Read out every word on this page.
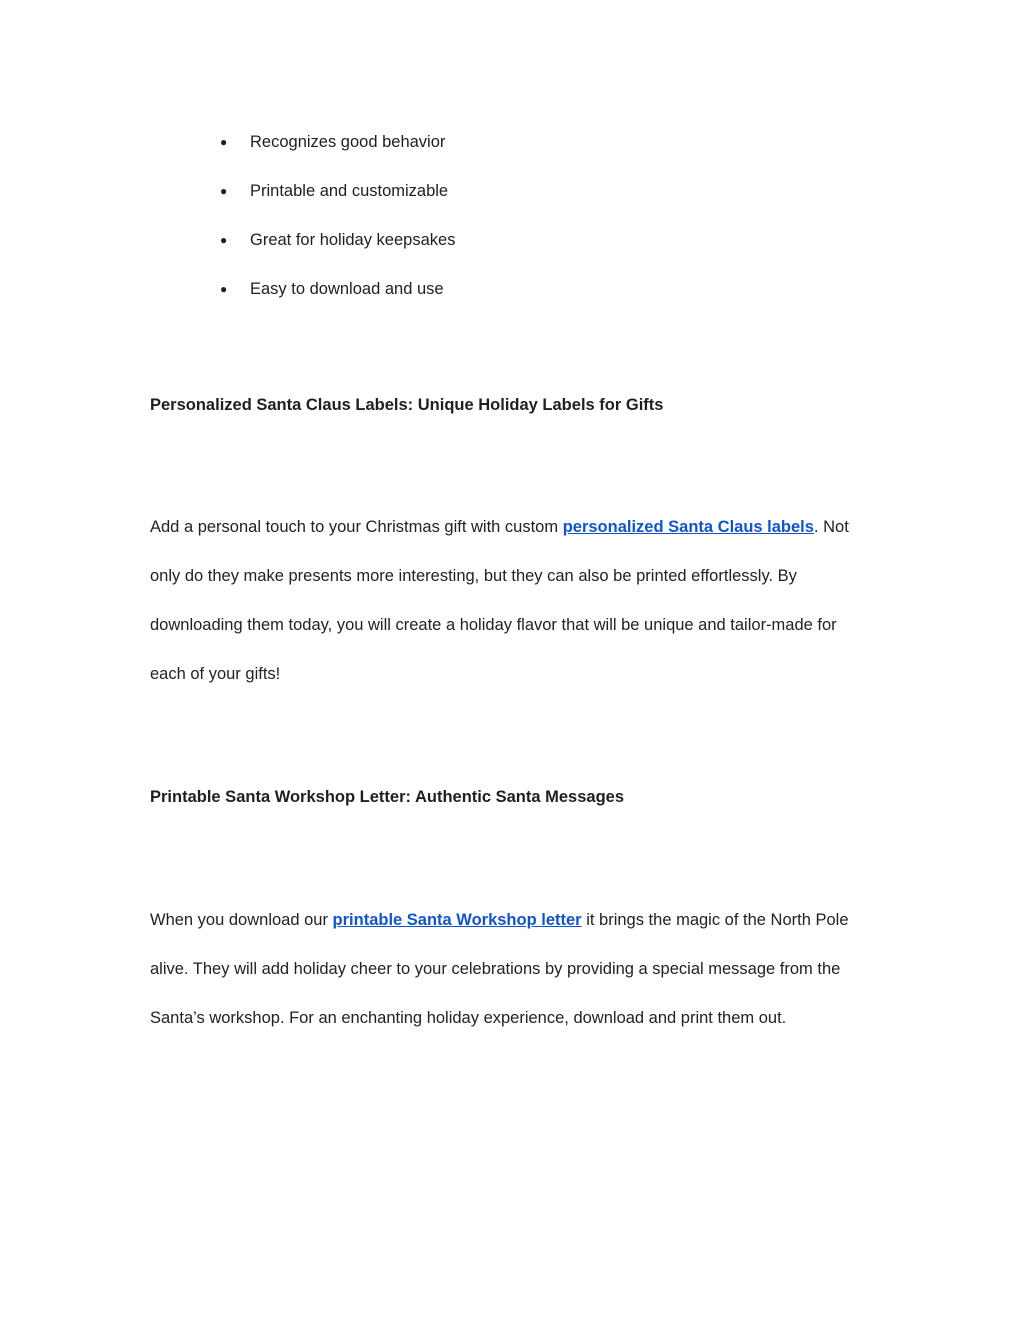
●	Recognizes good behavior
●	Printable and customizable
●	Great for holiday keepsakes
●	Easy to download and use
Personalized Santa Claus Labels: Unique Holiday Labels for Gifts
Add a personal touch to your Christmas gift with custom personalized Santa Claus labels. Not
only do they make presents more interesting, but they can also be printed effortlessly. By
downloading them today, you will create a holiday flavor that will be unique and tailor-made for
each of your gifts!
Printable Santa Workshop Letter: Authentic Santa Messages
When you download our printable Santa Workshop letter it brings the magic of the North Pole
alive. They will add holiday cheer to your celebrations by providing a special message from the
Santa’s workshop. For an enchanting holiday experience, download and print them out.
